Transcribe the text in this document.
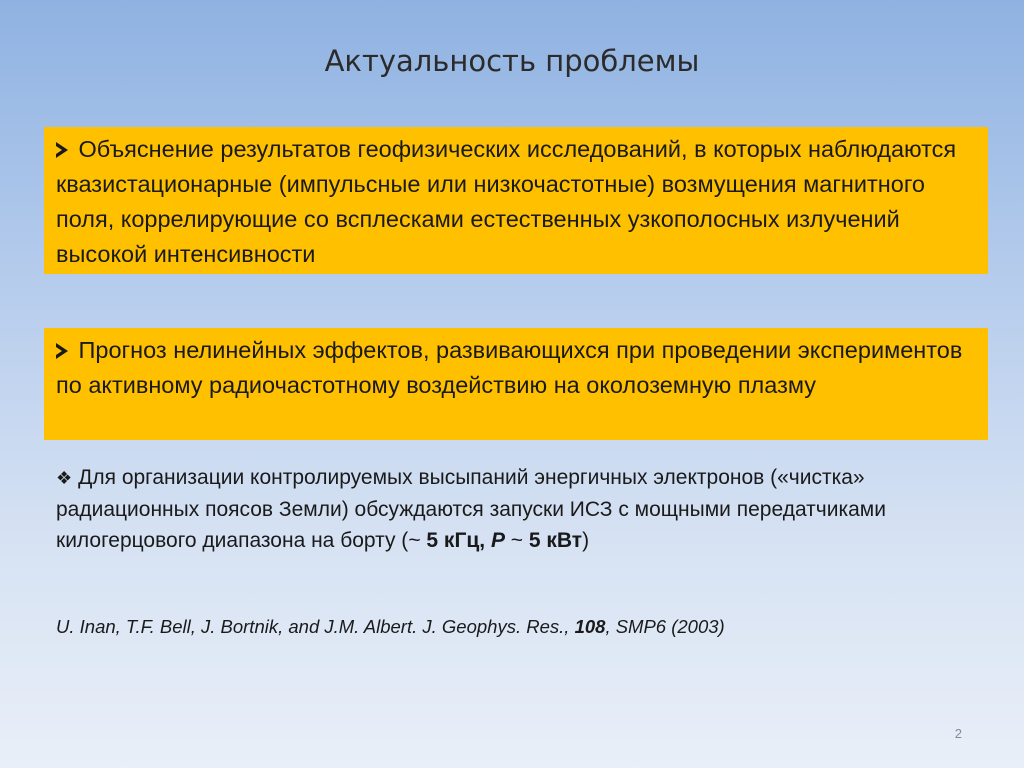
Актуальность проблемы
Объяснение результатов геофизических исследований, в которых наблюдаются квазистационарные (импульсные или низкочастотные) возмущения магнитного поля, коррелирующие со всплесками естественных узкополосных излучений высокой интенсивности
Прогноз нелинейных эффектов, развивающихся при проведении экспериментов по активному радиочастотному воздействию на околоземную плазму
❖ Для организации контролируемых высыпаний энергичных электронов («чистка» радиационных поясов Земли) обсуждаются запуски ИСЗ с мощными передатчиками килогерцового диапазона на борту (~ 5 кГц, P ~ 5 кВт)
U. Inan, T.F. Bell, J. Bortnik, and J.M. Albert. J. Geophys. Res., 108, SMP6 (2003)
2
